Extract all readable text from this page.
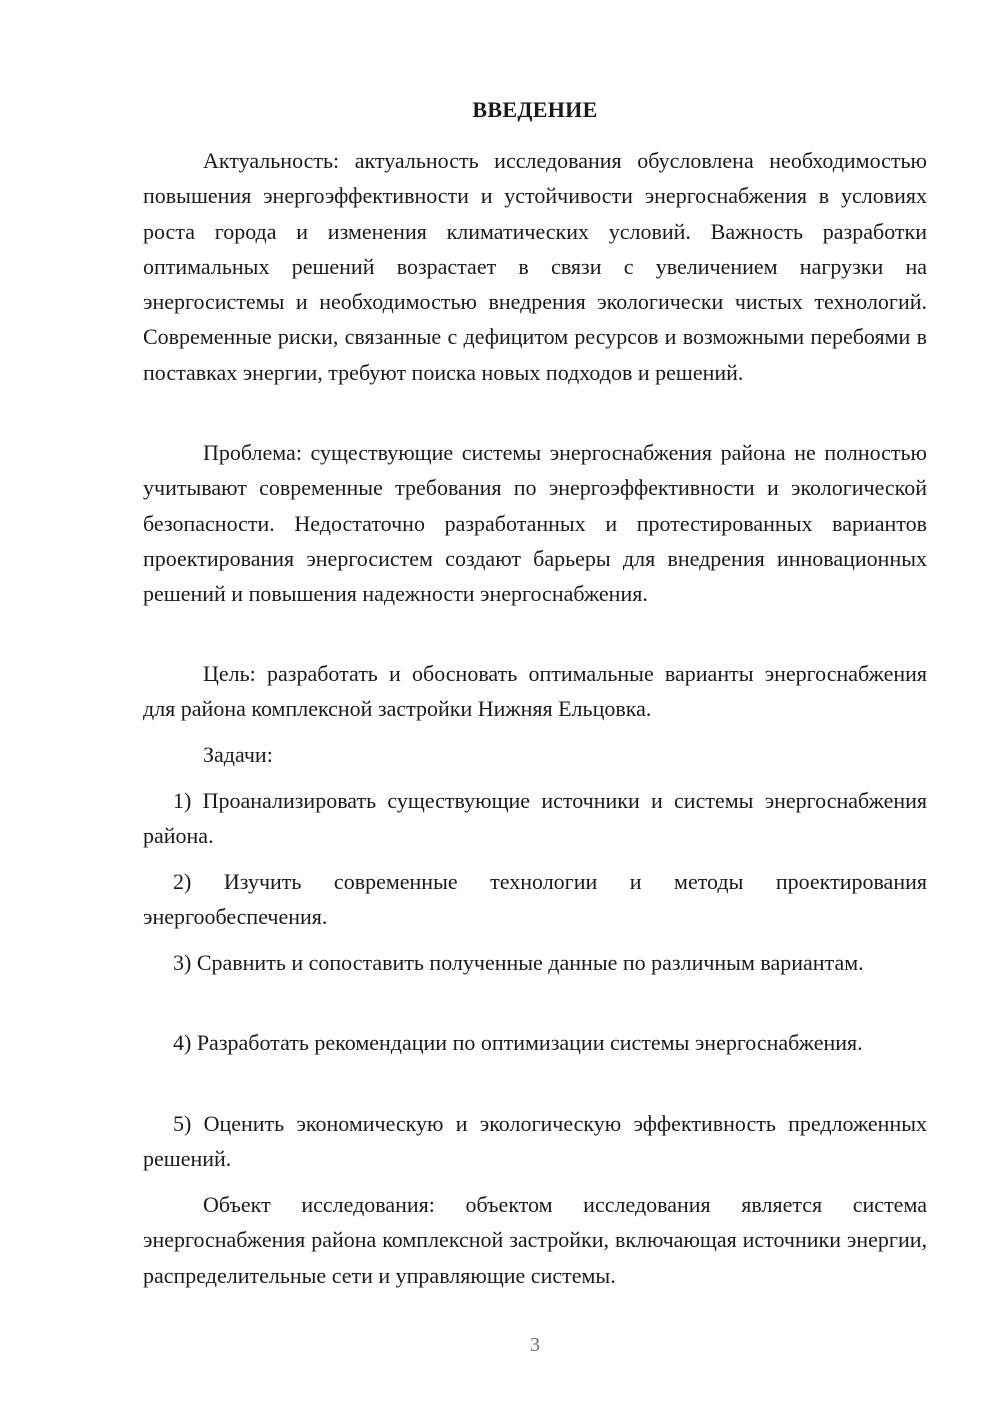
ВВЕДЕНИЕ

Актуальность: актуальность исследования обусловлена необходимостью повышения энергоэффективности и устойчивости энергоснабжения в условиях роста города и изменения климатических условий. Важность разработки оптимальных решений возрастает в связи с увеличением нагрузки на энергосистемы и необходимостью внедрения экологически чистых технологий. Современные риски, связанные с дефицитом ресурсов и возможными перебоями в поставках энергии, требуют поиска новых подходов и решений.

Проблема: существующие системы энергоснабжения района не полностью учитывают современные требования по энергоэффективности и экологической безопасности. Недостаточно разработанных и протестированных вариантов проектирования энергосистем создают барьеры для внедрения инновационных решений и повышения надежности энергоснабжения.

Цель: разработать и обосновать оптимальные варианты энергоснабжения для района комплексной застройки Нижняя Ельцовка.

Задачи:

1) Проанализировать существующие источники и системы энергоснабжения района.

2) Изучить современные технологии и методы проектирования энергообеспечения.

3) Сравнить и сопоставить полученные данные по различным вариантам.

4) Разработать рекомендации по оптимизации системы энергоснабжения.

5) Оценить экономическую и экологическую эффективность предложенных решений.

Объект исследования: объектом исследования является система энергоснабжения района комплексной застройки, включающая источники энергии, распределительные сети и управляющие системы.

3
